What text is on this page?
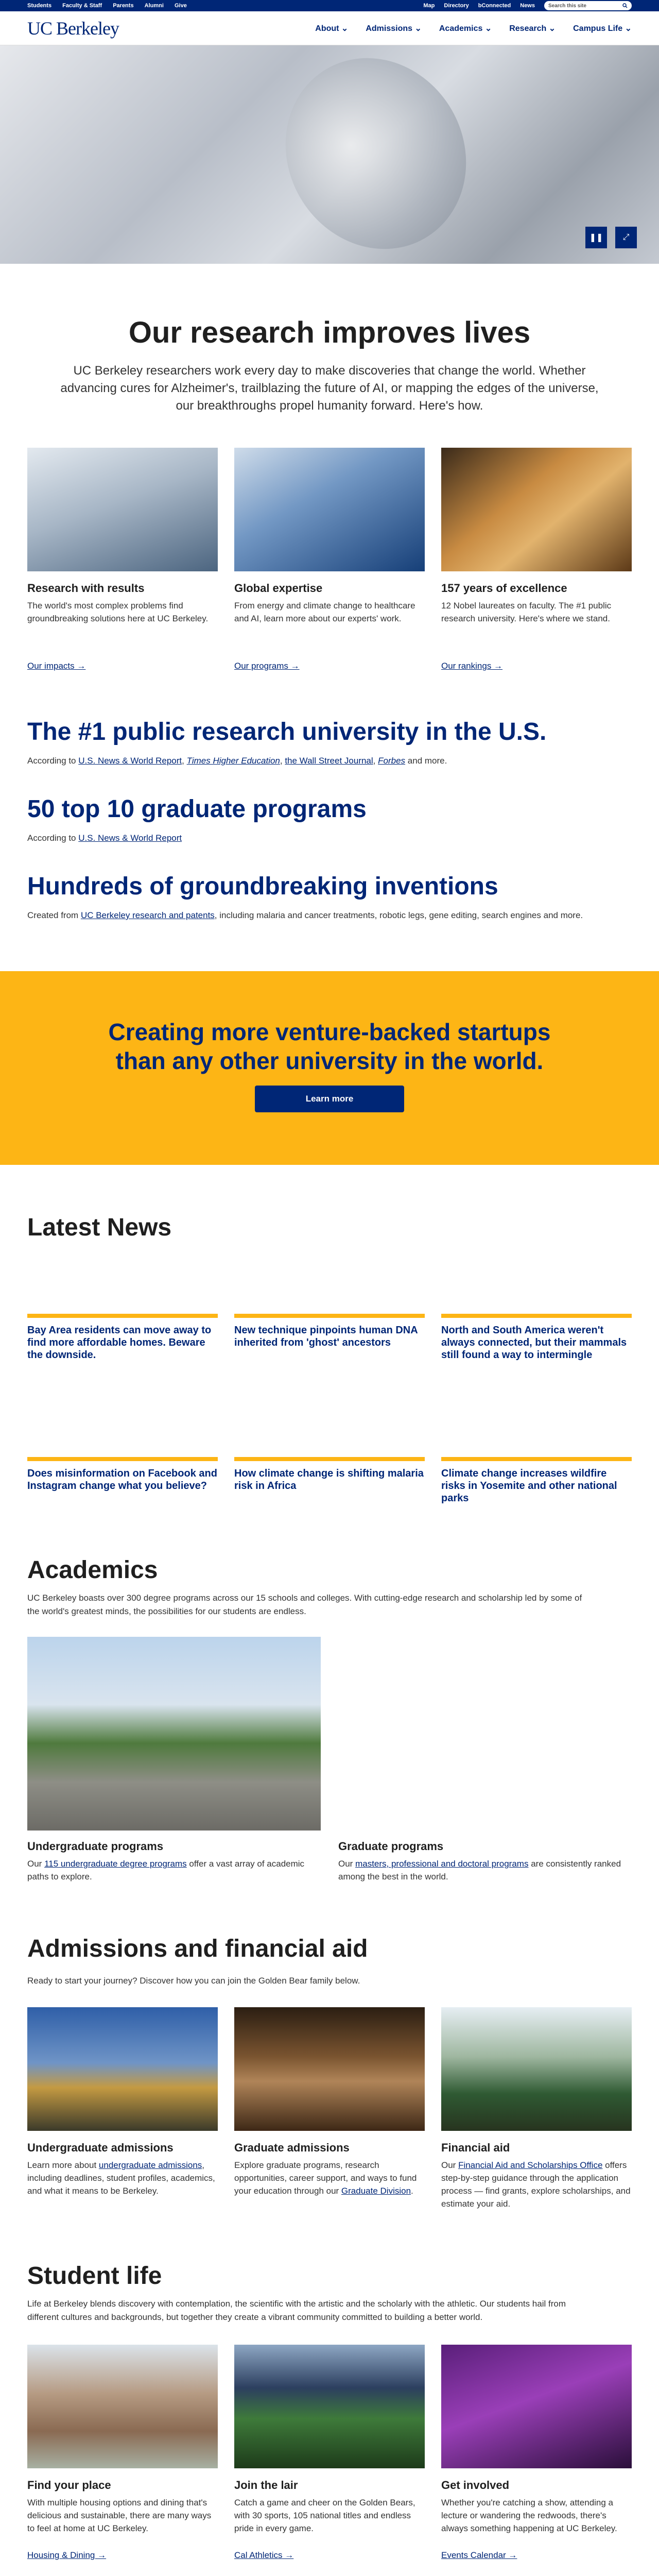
Students Faculty & Staff Parents Alumni Give	Map Directory bConnected News	Search this site
UC Berkeley	About ⌄ Admissions ⌄ Academics ⌄ Research ⌄ Campus Life ⌄
❚❚	⤢
Our research improves lives

UC Berkeley researchers work every day to make discoveries that change the world. Whether advancing cures for Alzheimer's, trailblazing the future of AI, or mapping the edges of the universe, our breakthroughs propel humanity forward. Here's how.

Research with results

The world's most complex problems find groundbreaking solutions here at UC Berkeley.

Our impacts →
Global expertise

From energy and climate change to healthcare and AI, learn more about our experts' work.

Our programs →
157 years of excellence

12 Nobel laureates on faculty. The #1 public research university. Here's where we stand.

Our rankings →
The #1 public research university in the U.S.

According to U.S. News & World Report, Times Higher Education, the Wall Street Journal, Forbes and more.

50 top 10 graduate programs

According to U.S. News & World Report

Hundreds of groundbreaking inventions

Created from UC Berkeley research and patents, including malaria and cancer treatments, robotic legs, gene editing, search engines and more.

Creating more venture-backed startups than any other university in the world.
Learn more
Latest News
Bay Area residents can move away to find more affordable homes. Beware the downside.
New technique pinpoints human DNA inherited from 'ghost' ancestors
North and South America weren't always connected, but their mammals still found a way to intermingle
Does misinformation on Facebook and Instagram change what you believe?
How climate change is shifting malaria risk in Africa
Climate change increases wildfire risks in Yosemite and other national parks
Academics

UC Berkeley boasts over 300 degree programs across our 15 schools and colleges. With cutting-edge research and scholarship led by some of the world's greatest minds, the possibilities for our students are endless.

Undergraduate programs

Our 115 undergraduate degree programs offer a vast array of academic paths to explore.

Graduate programs

Our masters, professional and doctoral programs are consistently ranked among the best in the world.

Admissions and financial aid

Ready to start your journey? Discover how you can join the Golden Bear family below.

Undergraduate admissions

Learn more about undergraduate admissions, including deadlines, student profiles, academics, and what it means to be Berkeley.

Graduate admissions

Explore graduate programs, research opportunities, career support, and ways to fund your education through our Graduate Division.

Financial aid

Our Financial Aid and Scholarships Office offers step-by-step guidance through the application process — find grants, explore scholarships, and estimate your aid.

Student life

Life at Berkeley blends discovery with contemplation, the scientific with the artistic and the scholarly with the athletic. Our students hail from different cultures and backgrounds, but together they create a vibrant community committed to building a better world.

Find your place

With multiple housing options and dining that's delicious and sustainable, there are many ways to feel at home at UC Berkeley.

Housing & Dining →
Join the lair

Catch a game and cheer on the Golden Bears, with 30 sports, 105 national titles and endless pride in every game.

Cal Athletics →
Get involved

Whether you're catching a show, attending a lecture or wandering the redwoods, there's always something happening at UC Berkeley.

Events Calendar →
